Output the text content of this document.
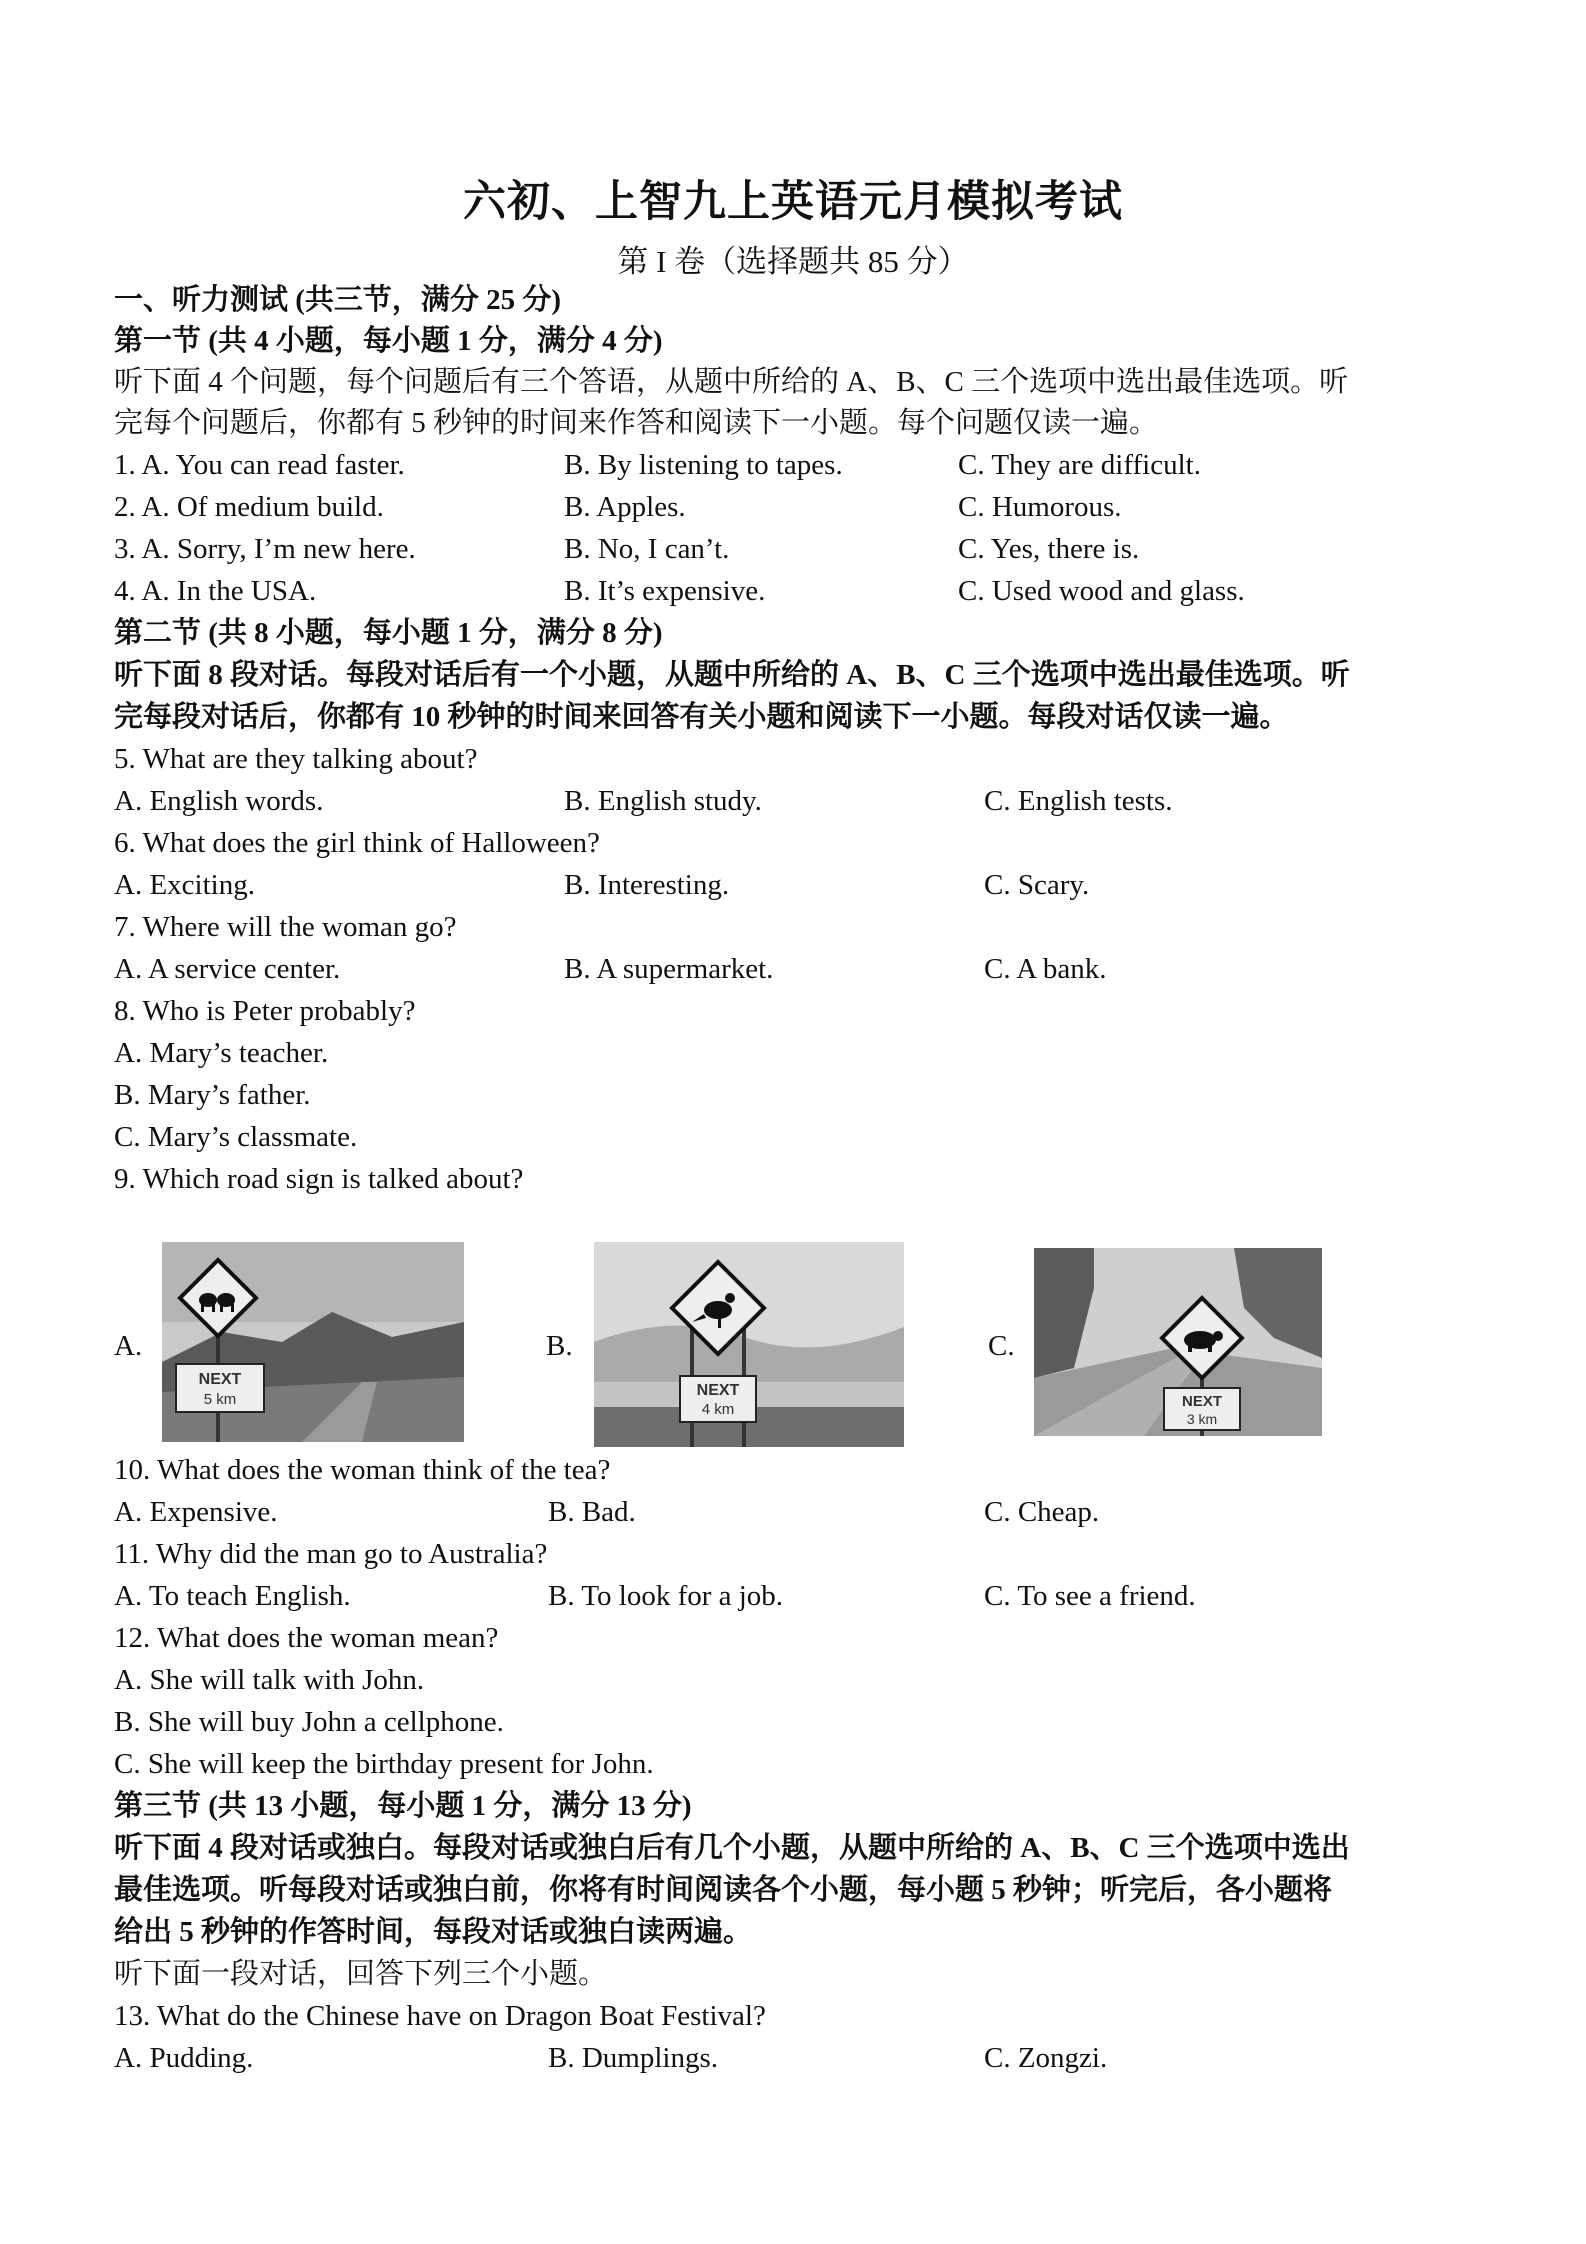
六初、上智九上英语元月模拟考试
第 I 卷（选择题共 85 分）
一、听力测试 (共三节，满分 25 分)
第一节 (共 4 小题，每小题 1 分，满分 4 分)
听下面 4 个问题，每个问题后有三个答语，从题中所给的 A、B、C 三个选项中选出最佳选项。听
完每个问题后，你都有 5 秒钟的时间来作答和阅读下一小题。每个问题仅读一遍。
1. A. You can read faster.	B. By listening to tapes.	C. They are difficult.
2. A. Of medium build.	B. Apples.	C. Humorous.
3. A. Sorry, I’m new here.	B. No, I can’t.	C. Yes, there is.
4. A. In the USA.	B. It’s expensive.	C. Used wood and glass.
第二节 (共 8 小题，每小题 1 分，满分 8 分)
听下面 8 段对话。每段对话后有一个小题，从题中所给的 A、B、C 三个选项中选出最佳选项。听
完每段对话后，你都有 10 秒钟的时间来回答有关小题和阅读下一小题。每段对话仅读一遍。
5. What are they talking about?
A. English words.	B. English study.	C. English tests.
6. What does the girl think of Halloween?
A. Exciting.	B. Interesting.	C. Scary.
7. Where will the woman go?
A. A service center.	B. A supermarket.	C. A bank.
8. Who is Peter probably?
A. Mary’s teacher.
B. Mary’s father.
C. Mary’s classmate.
9. Which road sign is talked about?
A.
NEXT
5 km
B.
NEXT
4 km
C.
NEXT
3 km
10. What does the woman think of the tea?
A. Expensive.	B. Bad.	C. Cheap.
11. Why did the man go to Australia?
A. To teach English.	B. To look for a job.	C. To see a friend.
12. What does the woman mean?
A. She will talk with John.
B. She will buy John a cellphone.
C. She will keep the birthday present for John.
第三节 (共 13 小题，每小题 1 分，满分 13 分)
听下面 4 段对话或独白。每段对话或独白后有几个小题，从题中所给的 A、B、C 三个选项中选出
最佳选项。听每段对话或独白前，你将有时间阅读各个小题，每小题 5 秒钟；听完后，各小题将
给出 5 秒钟的作答时间，每段对话或独白读两遍。
听下面一段对话，回答下列三个小题。
13. What do the Chinese have on Dragon Boat Festival?
A. Pudding.	B. Dumplings.	C. Zongzi.
